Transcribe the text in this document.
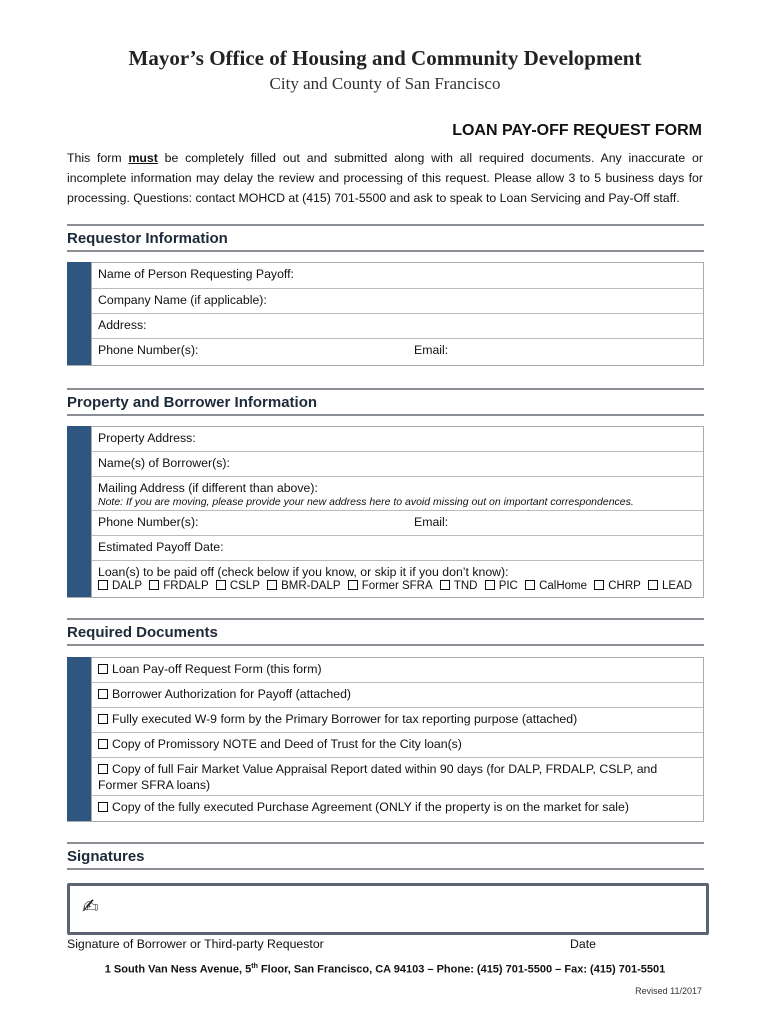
Mayor’s Office of Housing and Community Development
City and County of San Francisco
LOAN PAY-OFF REQUEST FORM
This form must be completely filled out and submitted along with all required documents. Any inaccurate or incomplete information may delay the review and processing of this request. Please allow 3 to 5 business days for processing. Questions: contact MOHCD at (415) 701-5500 and ask to speak to Loan Servicing and Pay-Off staff.
Requestor Information
Name of Person Requesting Payoff:
Company Name (if applicable):
Address:
Phone Number(s):	Email:
Property and Borrower Information
Property Address:
Name(s) of Borrower(s):
Mailing Address (if different than above):
Note: If you are moving, please provide your new address here to avoid missing out on important correspondences.
Phone Number(s):	Email:
Estimated Payoff Date:
Loan(s) to be paid off (check below if you know, or skip it if you don’t know):
DALP FRDALP CSLP BMR-DALP Former SFRA TND PIC CalHome CHRP LEAD
Required Documents
Loan Pay-off Request Form (this form)
Borrower Authorization for Payoff (attached)
Fully executed W-9 form by the Primary Borrower for tax reporting purpose (attached)
Copy of Promissory NOTE and Deed of Trust for the City loan(s)
Copy of full Fair Market Value Appraisal Report dated within 90 days (for DALP, FRDALP, CSLP, and Former SFRA loans)
Copy of the fully executed Purchase Agreement (ONLY if the property is on the market for sale)
Signatures
✍
Signature of Borrower or Third-party Requestor	Date
1 South Van Ness Avenue, 5th Floor, San Francisco, CA 94103 – Phone: (415) 701-5500 – Fax: (415) 701-5501
Revised 11/2017
